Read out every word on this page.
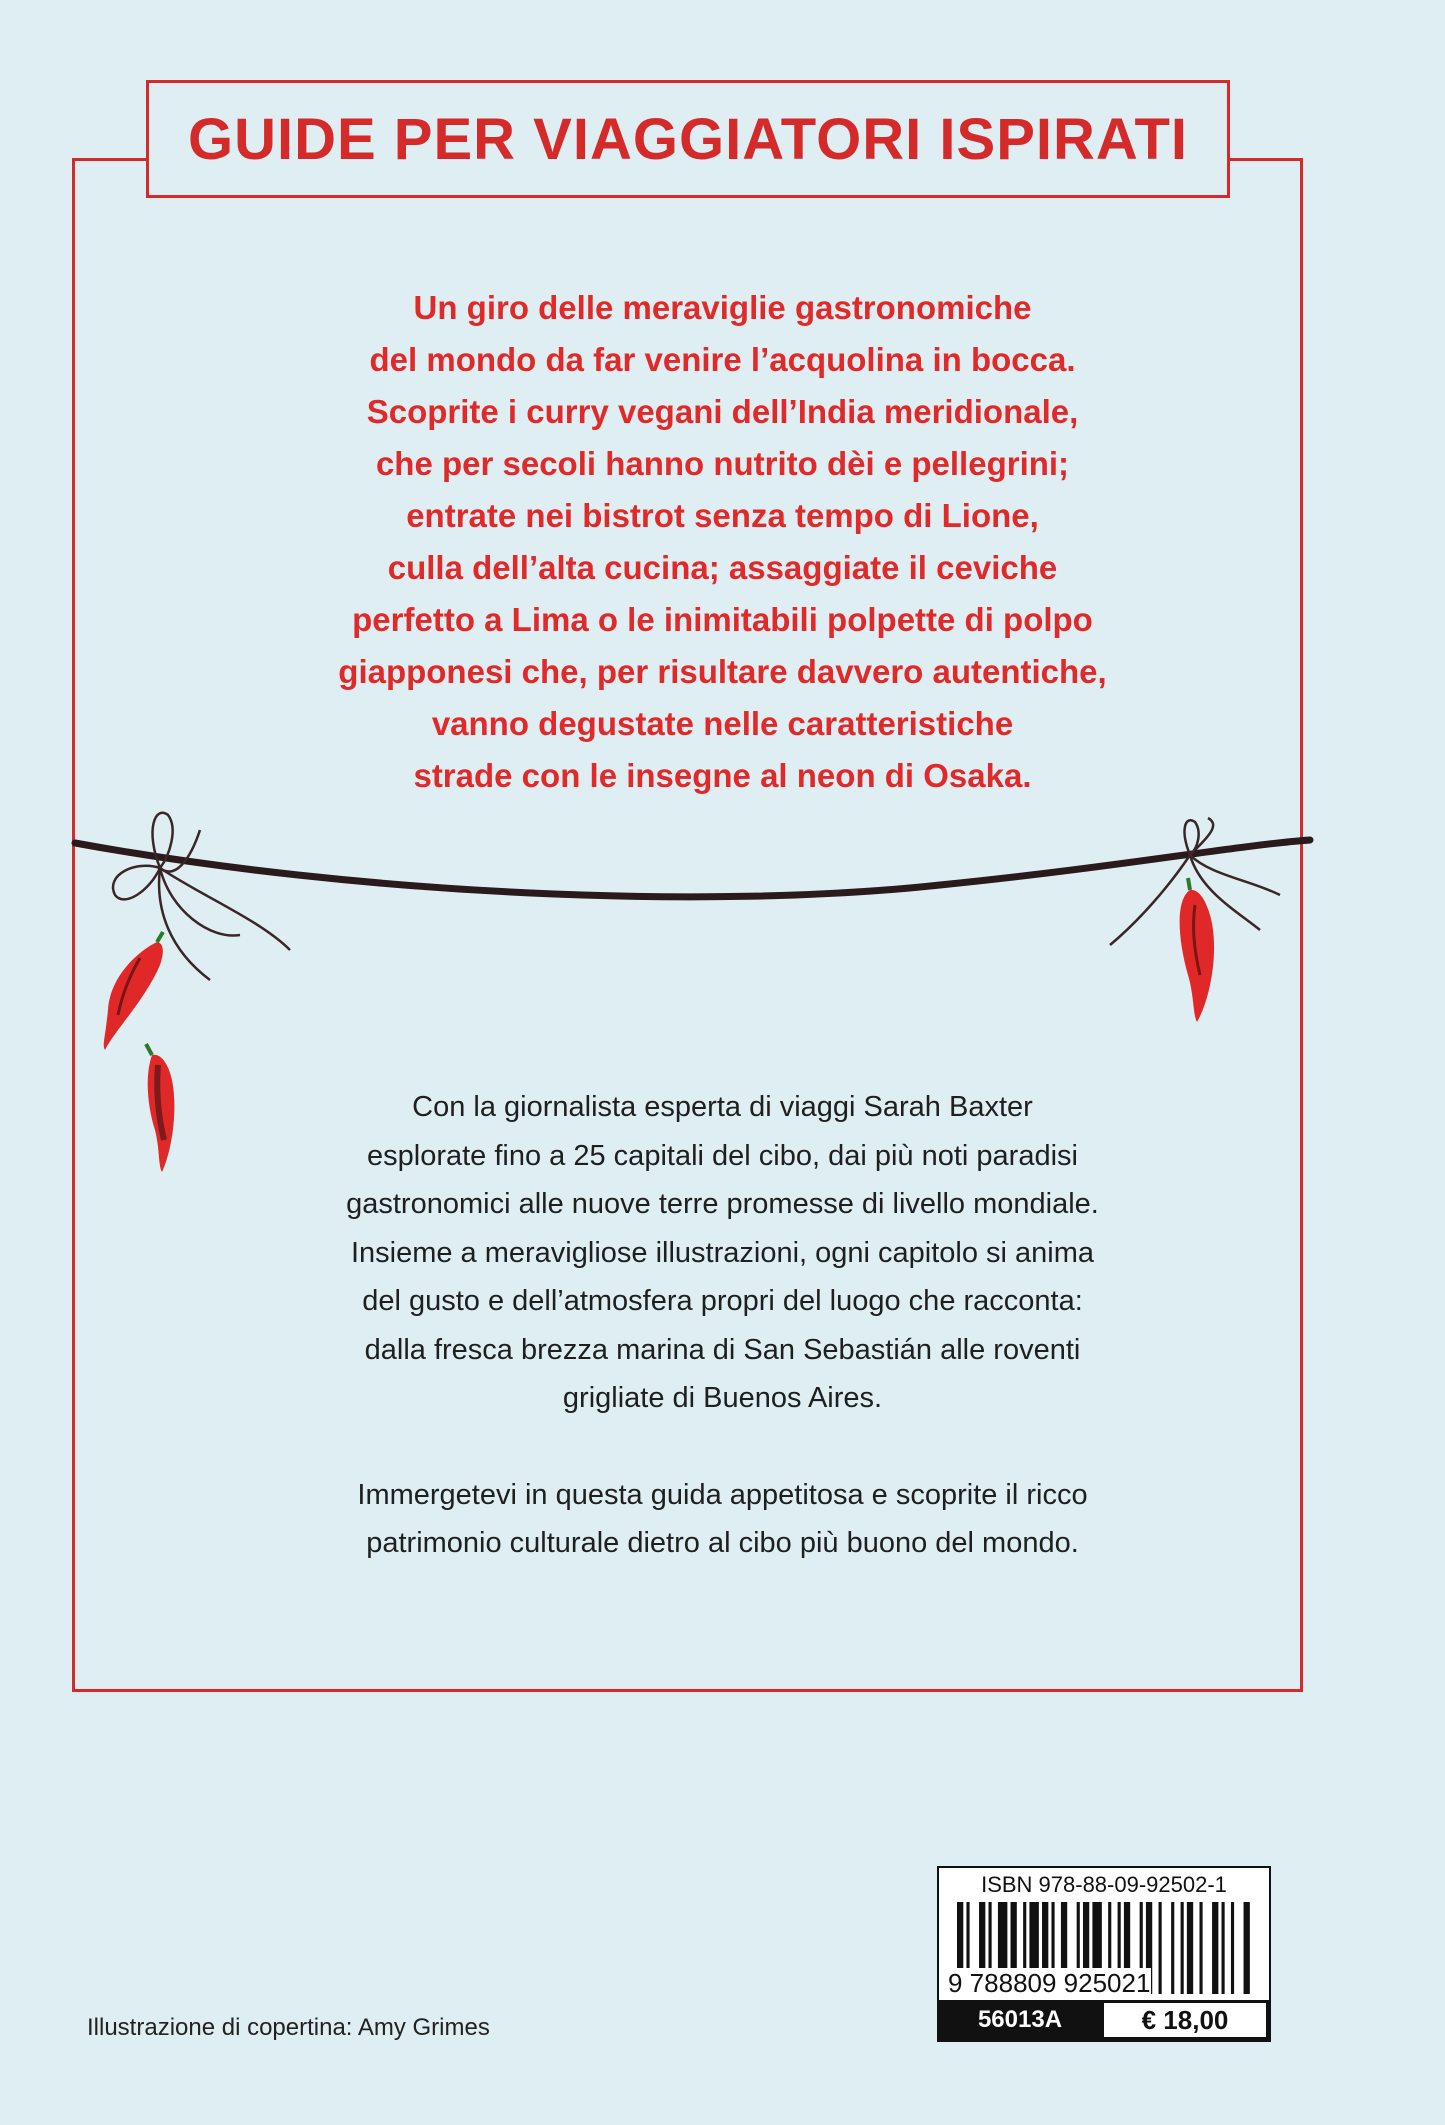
GUIDE PER VIAGGIATORI ISPIRATI
Un giro delle meraviglie gastronomiche
del mondo da far venire l’acquolina in bocca.
Scoprite i curry vegani dell’India meridionale,
che per secoli hanno nutrito dèi e pellegrini;
entrate nei bistrot senza tempo di Lione,
culla dell’alta cucina; assaggiate il ceviche
perfetto a Lima o le inimitabili polpette di polpo
giapponesi che, per risultare davvero autentiche,
vanno degustate nelle caratteristiche
strade con le insegne al neon di Osaka.
Con la giornalista esperta di viaggi Sarah Baxter
esplorate fino a 25 capitali del cibo, dai più noti paradisi
gastronomici alle nuove terre promesse di livello mondiale.
Insieme a meravigliose illustrazioni, ogni capitolo si anima
del gusto e dell’atmosfera propri del luogo che racconta:
dalla fresca brezza marina di San Sebastián alle roventi
grigliate di Buenos Aires.
Immergetevi in questa guida appetitosa e scoprite il ricco
patrimonio culturale dietro al cibo più buono del mondo.
Illustrazione di copertina: Amy Grimes
ISBN 978-88-09-92502-1
9 788809 925021
56013A	€ 18,00
